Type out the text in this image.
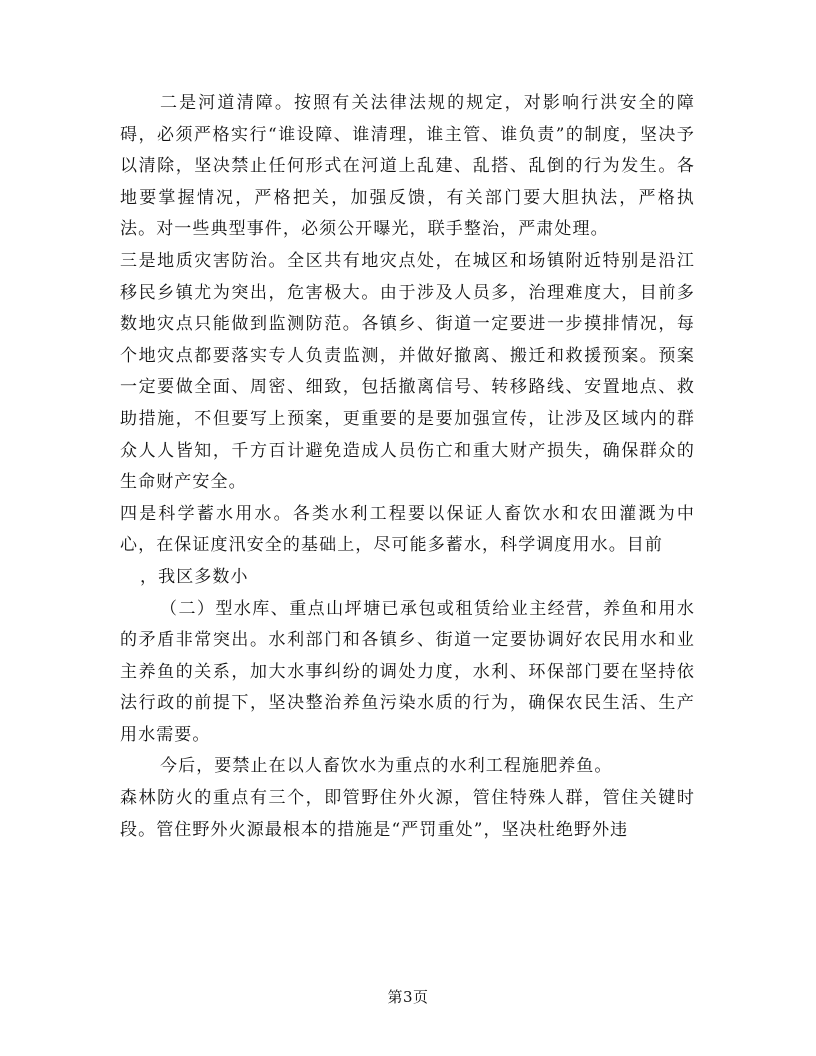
二是河道清障。按照有关法律法规的规定，对影响行洪安全的障碍，必须严格实行“谁设障、谁清理，谁主管、谁负责”的制度，坚决予以清除，坚决禁止任何形式在河道上乱建、乱搭、乱倒的行为发生。各地要掌握情况，严格把关，加强反馈，有关部门要大胆执法，严格执法。对一些典型事件，必须公开曝光，联手整治，严肃处理。

三是地质灾害防治。全区共有地灾点处，在城区和场镇附近特别是沿江移民乡镇尤为突出，危害极大。由于涉及人员多，治理难度大，目前多数地灾点只能做到监测防范。各镇乡、街道一定要进一步摸排情况，每个地灾点都要落实专人负责监测，并做好撤离、搬迁和救援预案。预案一定要做全面、周密、细致，包括撤离信号、转移路线、安置地点、救助措施，不但要写上预案，更重要的是要加强宣传，让涉及区域内的群众人人皆知，千方百计避免造成人员伤亡和重大财产损失，确保群众的生命财产安全。

四是科学蓄水用水。各类水利工程要以保证人畜饮水和农田灌溉为中心，在保证度汛安全的基础上，尽可能多蓄水，科学调度用水。目前

，我区多数小

（二）型水库、重点山坪塘已承包或租赁给业主经营，养鱼和用水的矛盾非常突出。水利部门和各镇乡、街道一定要协调好农民用水和业主养鱼的关系，加大水事纠纷的调处力度，水利、环保部门要在坚持依法行政的前提下，坚决整治养鱼污染水质的行为，确保农民生活、生产用水需要。

今后，要禁止在以人畜饮水为重点的水利工程施肥养鱼。

森林防火的重点有三个，即管野住外火源，管住特殊人群，管住关键时段。管住野外火源最根本的措施是“严罚重处”，坚决杜绝野外违

第3页
